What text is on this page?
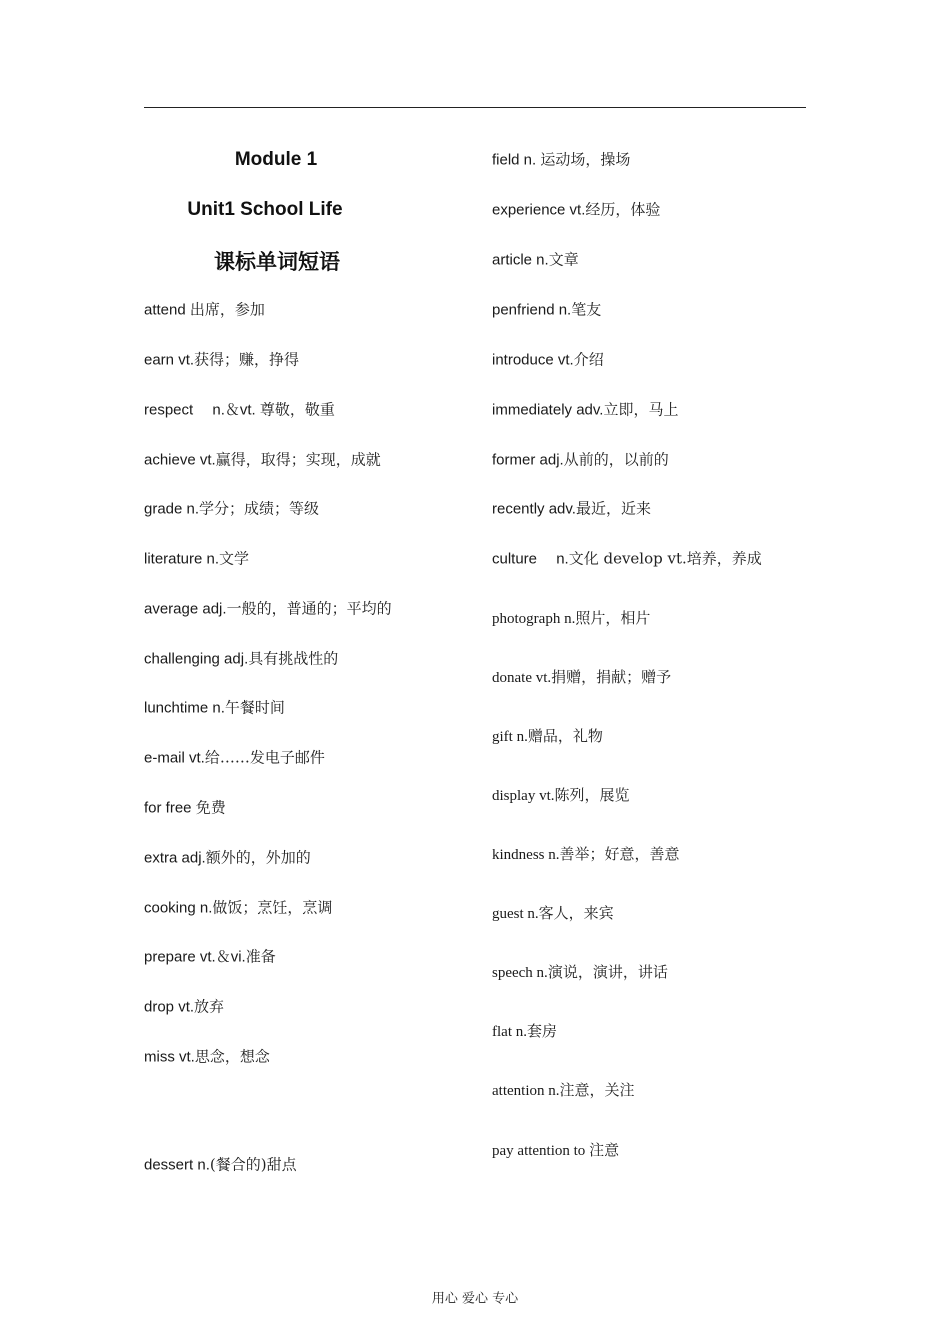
Module 1
Unit1 School Life
课标单词短语
attend 出席，参加
earn vt.获得；赚，挣得
respect　 n.＆vt. 尊敬，敬重
achieve vt.赢得，取得；实现，成就
grade n.学分；成绩；等级
literature n.文学
average adj.一般的，普通的；平均的
challenging adj.具有挑战性的
lunchtime n.午餐时间
e-mail vt.给……发电子邮件
for free 免费
extra adj.额外的，外加的
cooking n.做饭；烹饪，烹调
prepare vt.＆vi.准备
drop vt.放弃
miss vt.思念，想念
dessert n.(餐合的)甜点
field n. 运动场，操场
experience vt.经历，体验
article n.文章
penfriend n.笔友
introduce vt.介绍
immediately adv.立即，马上
former adj.从前的，以前的
recently adv.最近，近来
culture　 n.文化 develop vt.培养，养成
photograph n.照片，相片
donate vt.捐赠，捐献；赠予
gift n.赠品，礼物
display vt.陈列，展览
kindness n.善举；好意，善意
guest n.客人，来宾
speech n.演说，演讲，讲话
flat n.套房
attention n.注意，关注
pay attention to 注意
用心 爱心 专心
